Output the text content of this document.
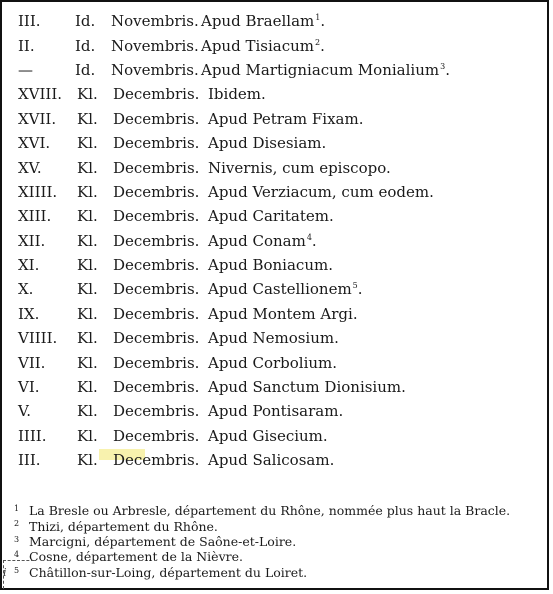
III.	Id.	Novembris. Apud Braellam$^1$.
II.	Id.	Novembris. Apud Tisiacum$^2$.
—	Id.	Novembris. Apud Martigniacum Monialium$^3$.
XVIII. Kl.	Decembris. Ibidem.
XVII.	Kl.	Decembris. Apud Petram Fixam.
XVI.	Kl.	Decembris. Apud Disesiam.
XV.	Kl.	Decembris. Nivernis, cum episcopo.
XIIII.	Kl.	Decembris. Apud Verziacum, cum eodem.
XIII.	Kl.	Decembris. Apud Caritatem.
XII.	Kl.	Decembris. Apud Conam$^4$.
XI.	Kl.	Decembris. Apud Boniacum.
X.	Kl.	Decembris. Apud Castellionem$^5$.
IX.	Kl.	Decembris. Apud Montem Argi.
VIIII.	Kl.	Decembris. Apud Nemosium.
VII.	Kl.	Decembris. Apud Corbolium.
VI.	Kl.	Decembris. Apud Sanctum Dionisium.
V.	Kl.	Decembris. Apud Pontisaram.
IIII.	Kl.	Decembris. Apud Gisecium.
III.	Kl.	Decembris. Apud Salicosam.
1 La Bresle ou Arbresle, département du Rhône, nommée plus haut la Bracle.
2 Thizi, département du Rhône.
3 Marcigni, département de Saône-et-Loire.
4 Cosne, département de la Nièvre.
5 Châtillon-sur-Loing, département du Loiret.
i
